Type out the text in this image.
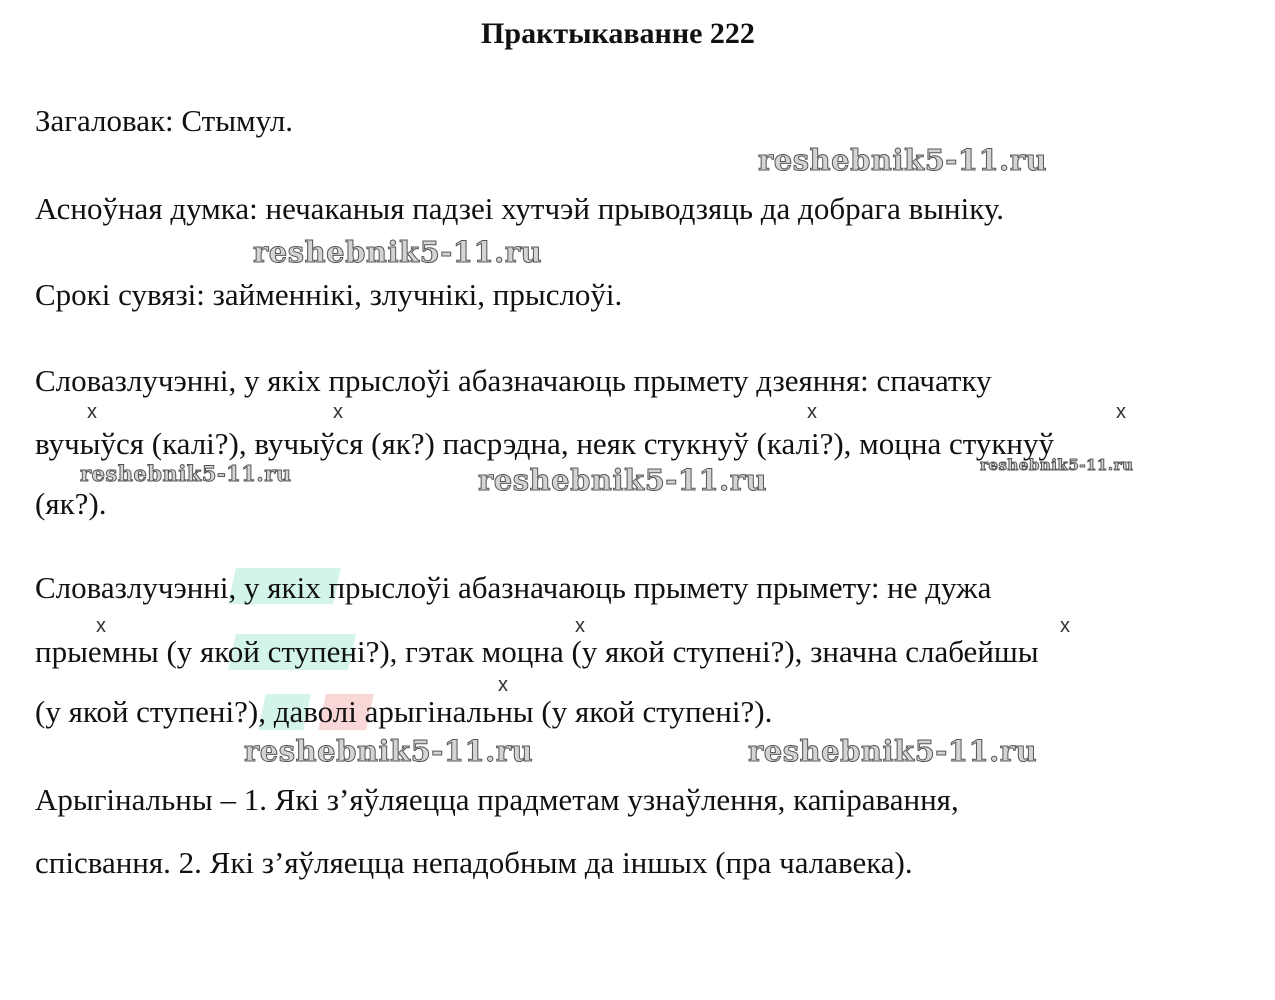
Практыкаванне 222
Загаловак: Стымул.
Асноўная думка: нечаканыя падзеі хутчэй прыводзяць да добрага выніку.
Срокі сувязі: займеннікі, злучнікі, прыслоўі.
Словазлучэнні, у якіх прыслоўі абазначаюць прымету дзеяння: спачатку
вучыўся (калі?), вучыўся (як?) пасрэдна, неяк стукнуў (калі?), моцна стукнуў
(як?).
Словазлучэнні, у якіх прыслоўі абазначаюць прымету прымету: не дужа
прыемны (у якой ступені?), гэтак моцна (у якой ступені?), значна слабейшы
(у якой ступені?), даволі арыгінальны (у якой ступені?).
Арыгінальны – 1. Які з’яўляецца прадметам узнаўлення, капіравання,
спісвання. 2. Які з’яўляецца непадобным да іншых (пра чалавека).
x	x	x	x
x	x	x
x
reshebnik5-11.ru
reshebnik5-11.ru
reshebnik5-11.ru	reshebnik5-11.ru	reshebnik5-11.ru
reshebnik5-11.ru	reshebnik5-11.ru
